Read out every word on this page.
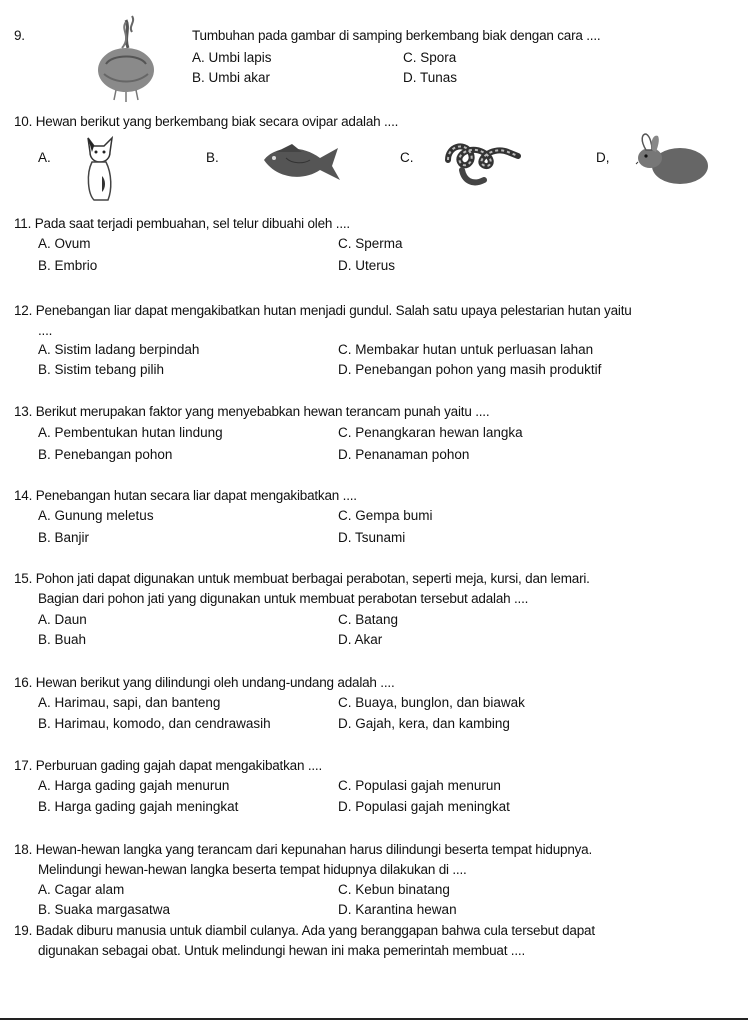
9.	Tumbuhan pada gambar di samping berkembang biak dengan cara ....
A. Umbi lapis
B. Umbi akar
C. Spora
D. Tunas
10. Hewan berikut yang berkembang biak secara ovipar adalah ....
A.	B.	C.	D,
11. Pada saat terjadi pembuahan, sel telur dibuahi oleh ....
A. Ovum
B. Embrio
C. Sperma
D. Uterus
12. Penebangan liar dapat mengakibatkan hutan menjadi gundul. Salah satu upaya pelestarian hutan yaitu
....
A. Sistim ladang berpindah
B. Sistim tebang pilih
C. Membakar hutan untuk perluasan lahan
D. Penebangan pohon yang masih produktif
13. Berikut merupakan faktor yang menyebabkan hewan terancam punah yaitu ....
A. Pembentukan hutan lindung
B. Penebangan pohon
C. Penangkaran hewan langka
D. Penanaman pohon
14. Penebangan hutan secara liar dapat mengakibatkan ....
A. Gunung meletus
B. Banjir
C. Gempa bumi
D. Tsunami
15. Pohon jati dapat digunakan untuk membuat berbagai perabotan, seperti meja, kursi, dan lemari.
Bagian dari pohon jati yang digunakan untuk membuat perabotan tersebut adalah ....
A. Daun
B. Buah
C. Batang
D. Akar
16. Hewan berikut yang dilindungi oleh undang-undang adalah ....
A. Harimau, sapi, dan banteng
B. Harimau, komodo, dan cendrawasih
C. Buaya, bunglon, dan biawak
D. Gajah, kera, dan kambing
17. Perburuan gading gajah dapat mengakibatkan ....
A. Harga gading gajah menurun
B. Harga gading gajah meningkat
C. Populasi gajah menurun
D. Populasi gajah meningkat
18. Hewan-hewan langka yang terancam dari kepunahan harus dilindungi beserta tempat hidupnya.
Melindungi hewan-hewan langka beserta tempat hidupnya dilakukan di ....
A. Cagar alam
B. Suaka margasatwa
C. Kebun binatang
D. Karantina hewan
19. Badak diburu manusia untuk diambil culanya. Ada yang beranggapan bahwa cula tersebut dapat
digunakan sebagai obat. Untuk melindungi hewan ini maka pemerintah membuat ....
